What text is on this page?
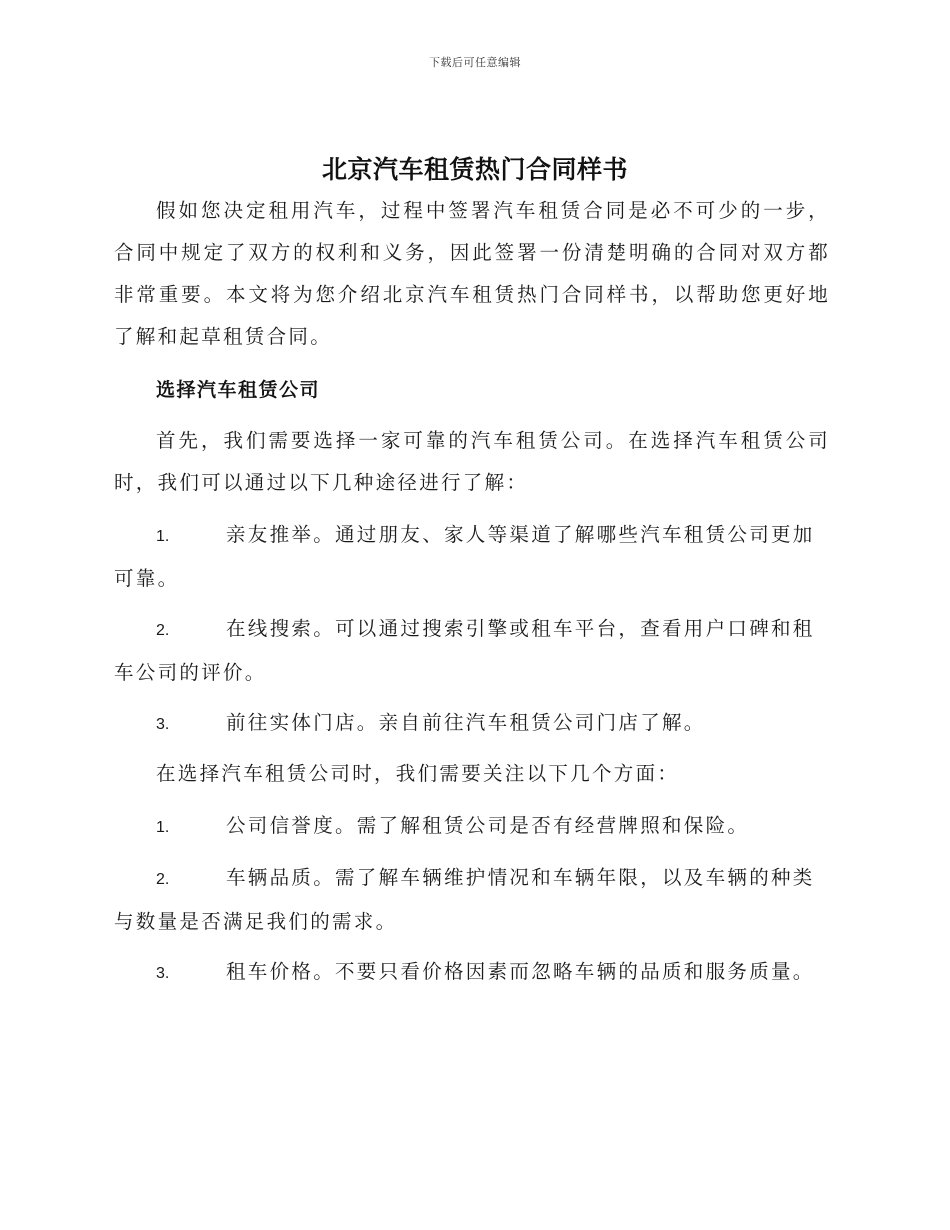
下载后可任意编辑
北京汽车租赁热门合同样书
假如您决定租用汽车，过程中签署汽车租赁合同是必不可少的一步，合同中规定了双方的权利和义务，因此签署一份清楚明确的合同对双方都非常重要。本文将为您介绍北京汽车租赁热门合同样书，以帮助您更好地了解和起草租赁合同。
选择汽车租赁公司
首先，我们需要选择一家可靠的汽车租赁公司。在选择汽车租赁公司时，我们可以通过以下几种途径进行了解：
1.	亲友推举。通过朋友、家人等渠道了解哪些汽车租赁公司更加可靠。
2.	在线搜索。可以通过搜索引擎或租车平台，查看用户口碑和租车公司的评价。
3.	前往实体门店。亲自前往汽车租赁公司门店了解。
在选择汽车租赁公司时，我们需要关注以下几个方面：
1.	公司信誉度。需了解租赁公司是否有经营牌照和保险。
2.	车辆品质。需了解车辆维护情况和车辆年限，以及车辆的种类与数量是否满足我们的需求。
3.	租车价格。不要只看价格因素而忽略车辆的品质和服务质量。
